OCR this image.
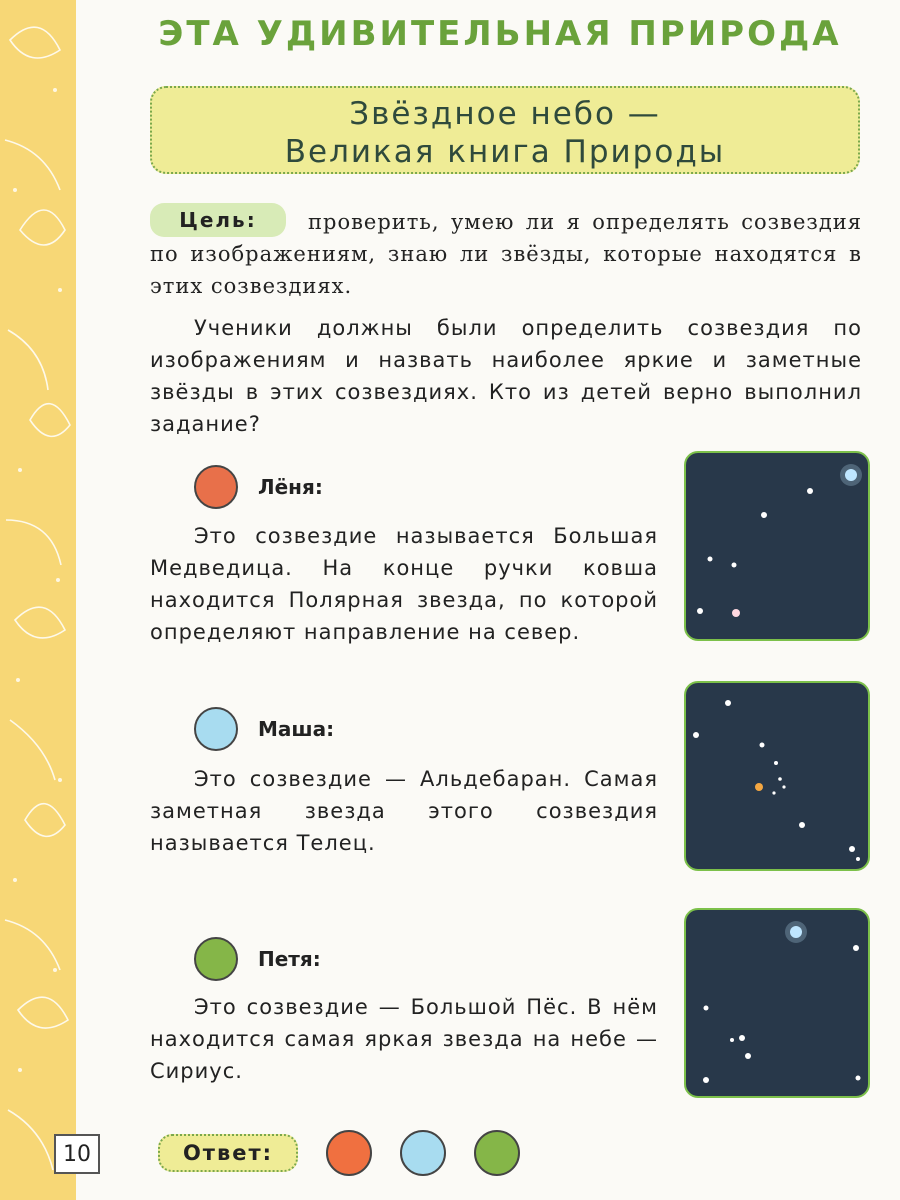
ЭТА УДИВИТЕЛЬНАЯ ПРИРОДА
Звёздное небо —
Великая книга Природы

проверить, умею ли я определять созвездия по изображениям, знаю ли звёзды, которые находятся в этих созвездиях.

Цель:

Ученики должны были определить созвездия по изображениям и назвать наиболее яркие и заметные звёзды в этих созвездиях. Кто из детей верно выполнил задание?

Лёня:

Это созвездие называется Большая Медведица. На конце ручки ковша находится Полярная звезда, по которой определяют направление на север.

Маша:

Это созвездие — Альдебаран. Самая заметная звезда этого созвездия называется Телец.

Петя:

Это созвездие — Большой Пёс. В нём находится самая яркая звезда на небе — Сириус.

10	Ответ:
